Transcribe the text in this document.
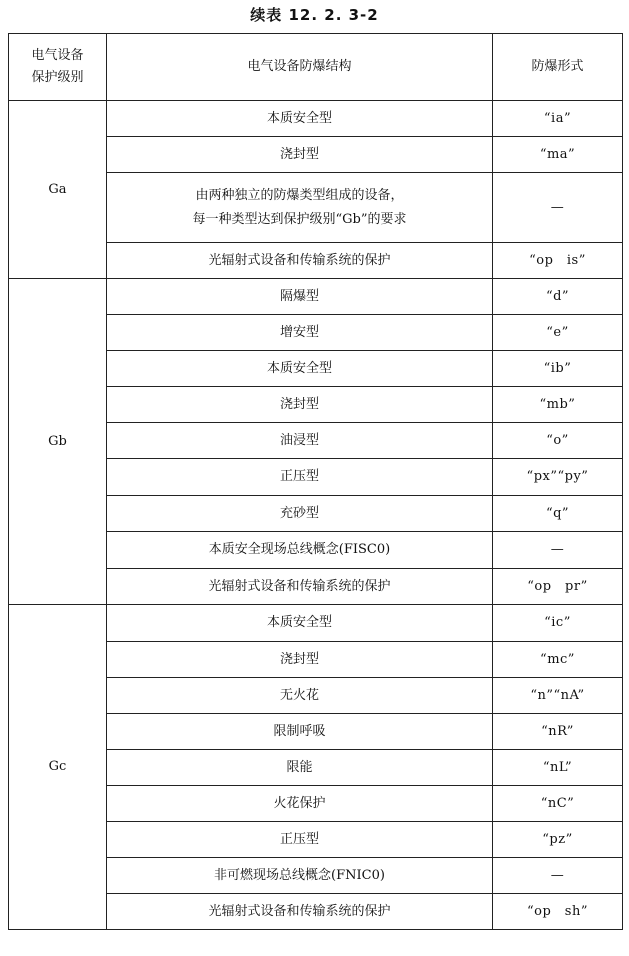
续表 12. 2. 3-2
电气设备
保护级别	电气设备防爆结构	防爆形式
Ga	本质安全型	“ia”

	浇封型	“ma”

	由两种独立的防爆类型组成的设备，
每一种类型达到保护级别“Gb”的要求	—

	光辐射式设备和传输系统的保护	“op　is”
Gb	隔爆型	“d”

	增安型	“e”

	本质安全型	“ib”

	浇封型	“mb”

	油浸型	“o”

	正压型	“px”“py”

	充砂型	“q”

	本质安全现场总线概念(FISC0)	—

	光辐射式设备和传输系统的保护	“op　pr”
Gc	本质安全型	“ic”

	浇封型	“mc”

	无火花	“n”“nA”

	限制呼吸	“nR”

	限能	“nL”

	火花保护	“nC”

	正压型	“pz”

	非可燃现场总线概念(FNIC0)	—

	光辐射式设备和传输系统的保护	“op　sh”
